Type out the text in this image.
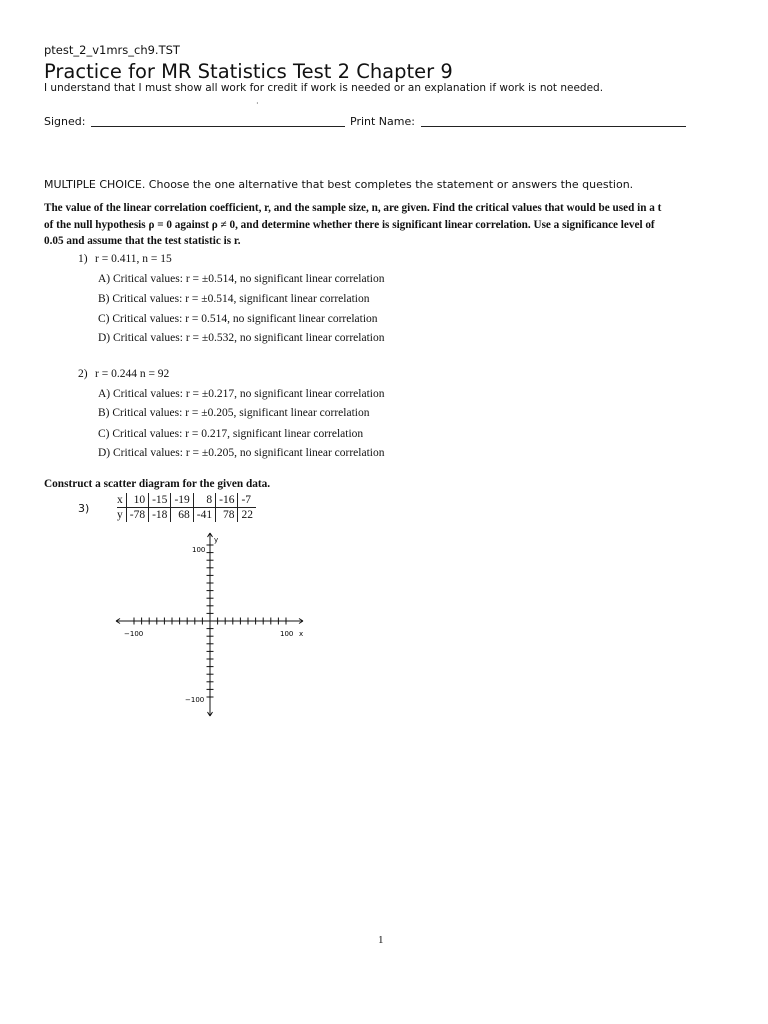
ptest_2_v1mrs_ch9.TST
Practice for MR Statistics Test 2 Chapter 9
I understand that I must show all work for credit if work is needed or an explanation if work is not needed.
·
Signed:	Print Name:
MULTIPLE CHOICE. Choose the one alternative that best completes the statement or answers the question.
The value of the linear correlation coefficient, r, and the sample size, n, are given. Find the critical values that would be used in a t
of the null hypothesis ρ = 0 against ρ ≠ 0, and determine whether there is significant linear correlation. Use a significance level of
0.05 and assume that the test statistic is r.
1) r = 0.411, n = 15
A) Critical values: r = ±0.514, no significant linear correlation
B) Critical values: r = ±0.514, significant linear correlation
C) Critical values: r = 0.514, no significant linear correlation
D) Critical values: r = ±0.532, no significant linear correlation
2) r = 0.244 n = 92
A) Critical values: r = ±0.217, no significant linear correlation
B) Critical values: r = ±0.205, significant linear correlation
C) Critical values: r = 0.217, significant linear correlation
D) Critical values: r = ±0.205, no significant linear correlation
Construct a scatter diagram for the given data.
3)
x	10	-15	-19	8	-16	-7
y	-78	-18	68	-41	78	22
y
100
−100
−100	100 x
1
